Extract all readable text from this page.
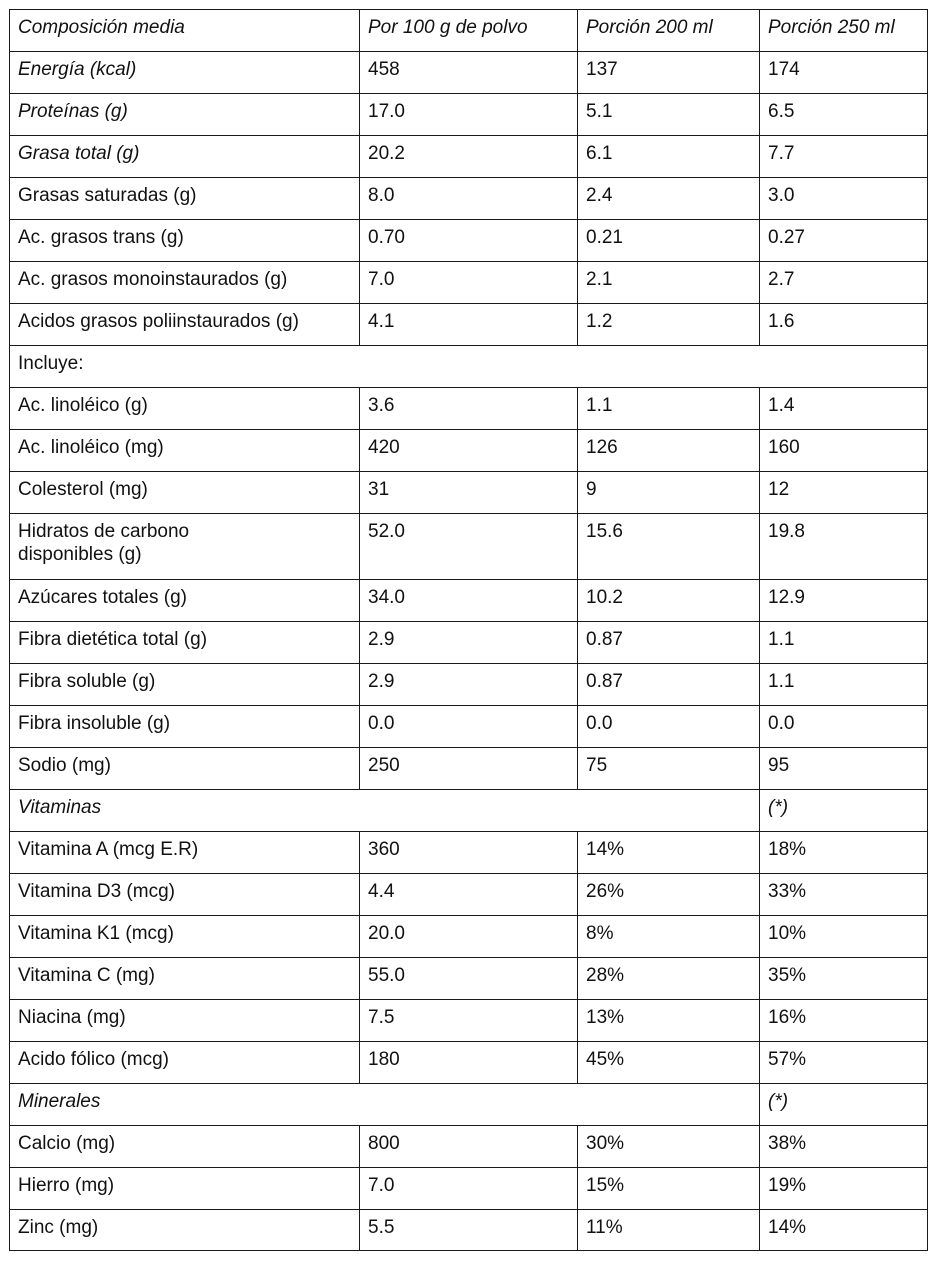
Composición media	Por 100 g de polvo	Porción 200 ml	Porción 250 ml
Energía (kcal)	458	137	174
Proteínas (g)	17.0	5.1	6.5
Grasa total (g)	20.2	6.1	7.7
Grasas saturadas (g)	8.0	2.4	3.0
Ac. grasos trans (g)	0.70	0.21	0.27
Ac. grasos monoinstaurados (g)	7.0	2.1	2.7
Acidos grasos poliinstaurados (g)	4.1	1.2	1.6
Incluye:			
Ac. linoléico (g)	3.6	1.1	1.4
Ac. linoléico (mg)	420	126	160
Colesterol (mg)	31	9	12
Hidratos de carbono
disponibles (g)	52.0	15.6	19.8
Azúcares totales (g)	34.0	10.2	12.9
Fibra dietética total (g)	2.9	0.87	1.1
Fibra soluble (g)	2.9	0.87	1.1
Fibra insoluble (g)	0.0	0.0	0.0
Sodio (mg)	250	75	95
Vitaminas			(*)
Vitamina A (mcg E.R)	360	14%	18%
Vitamina D3 (mcg)	4.4	26%	33%
Vitamina K1 (mcg)	20.0	8%	10%
Vitamina C (mg)	55.0	28%	35%
Niacina (mg)	7.5	13%	16%
Acido fólico (mcg)	180	45%	57%
Minerales			(*)
Calcio (mg)	800	30%	38%
Hierro (mg)	7.0	15%	19%
Zinc (mg)	5.5	11%	14%
